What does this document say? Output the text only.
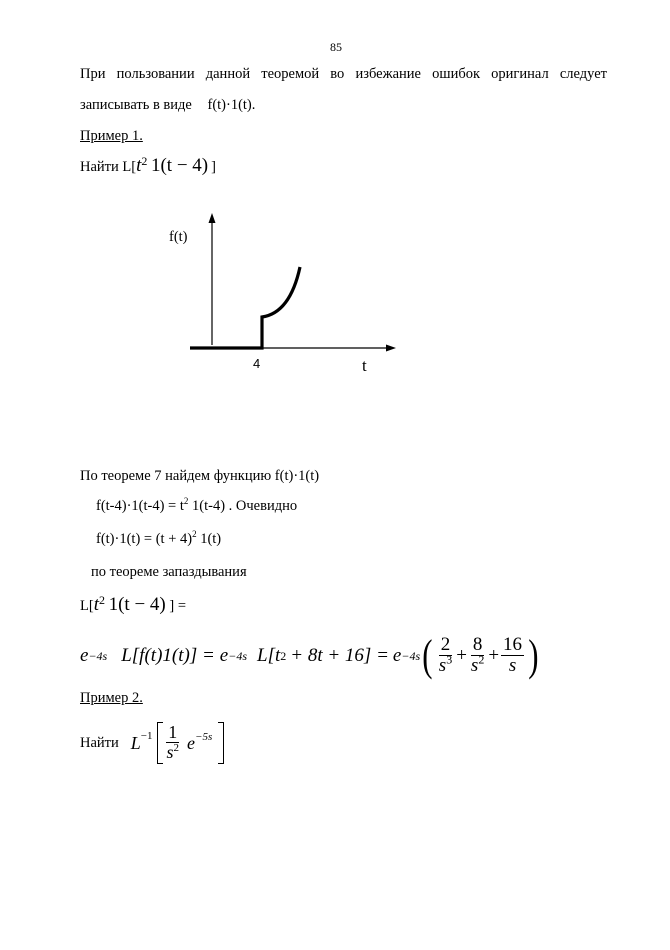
85
При пользовании данной теоремой во избежание ошибок оригинал следует
записывать в виде f(t)·1(t).
Пример 1.
Найти $L[t^2$ 1(t − 4) ]
f(t)
4	t
По теореме 7 найдем функцию f(t)·1(t)
$f(t-4)\cdot 1(t-4) = t^2$ 1(t-4) . Очевидно
$f(t)\cdot 1(t) = (t + 4)^2$ 1(t)
по теореме запаздывания
$L[t^2$ 1(t − 4) ] =
e −4s L[f(t)1(t)] = e −4s L[t 2 + 8t + 16] = e −4s ( $\frac{2}{s^3} + \frac{8}{s^2} + \frac{16}{s}$ )
Пример 2.
Найти $L -1 \frac{1}{s^2}$ e −5s
